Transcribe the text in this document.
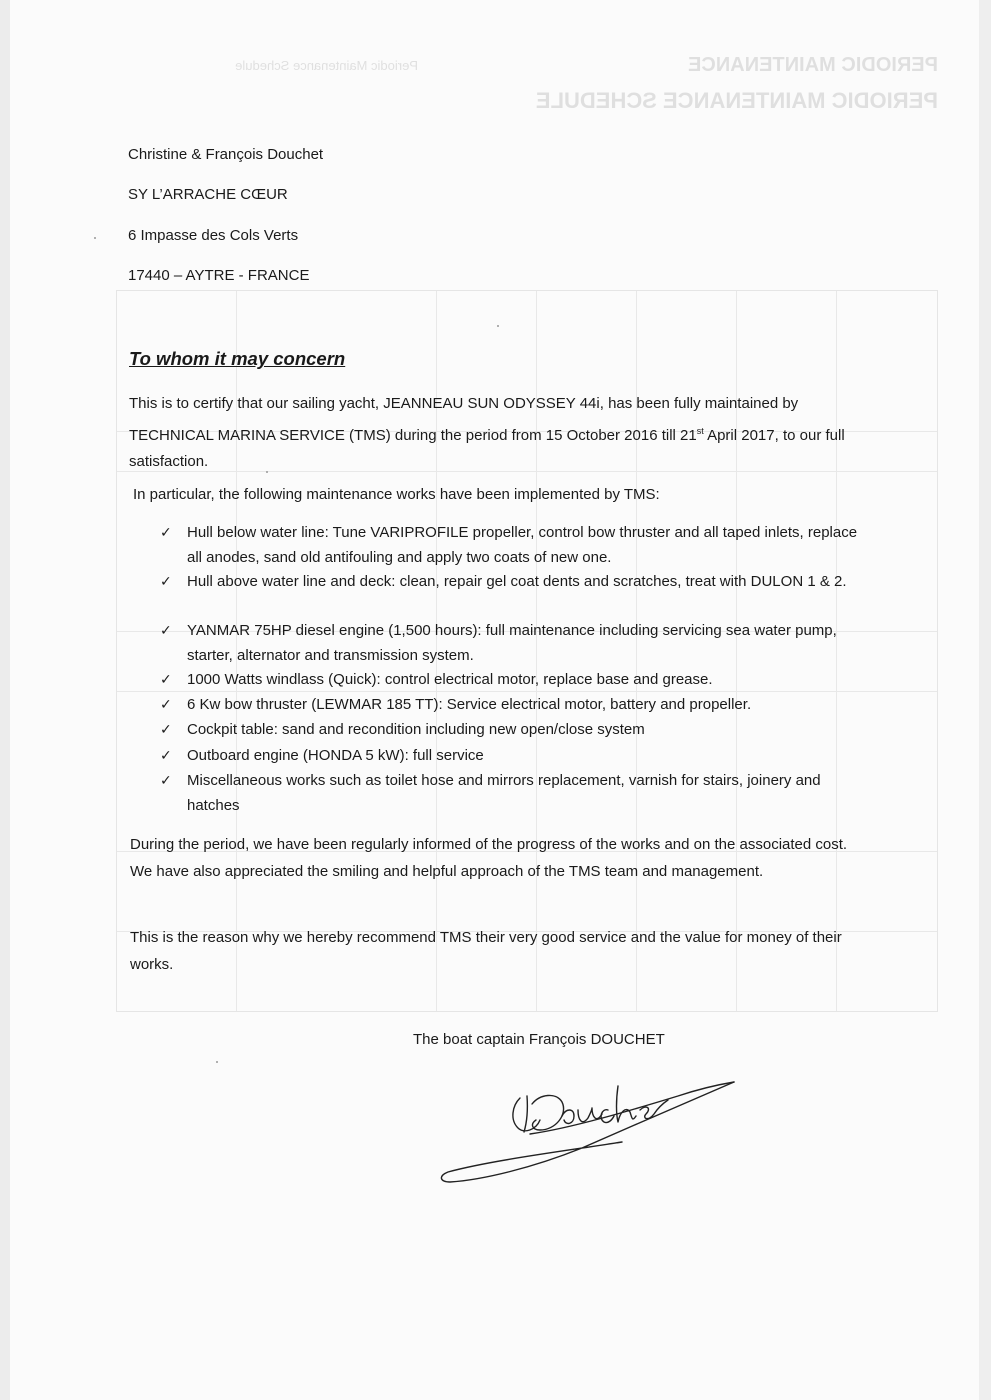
PERIODIC MAINTENANCE
Periodic Maintenance Schedule
PERIODIC MAINTENANCE SCHEDULE
Christine & François Douchet
SY L’ARRACHE CŒUR
6 Impasse des Cols Verts
17440 – AYTRE - FRANCE
To whom it may concern
This is to certify that our sailing yacht, JEANNEAU SUN ODYSSEY 44i, has been fully maintained by TECHNICAL MARINA SERVICE (TMS) during the period from 15 October 2016 till 21st April 2017, to our full satisfaction.
In particular, the following maintenance works have been implemented by TMS:
✓ Hull below water line: Tune VARIPROFILE propeller, control bow thruster and all taped inlets, replace all anodes, sand old antifouling and apply two coats of new one.
✓ Hull above water line and deck: clean, repair gel coat dents and scratches, treat with DULON 1 & 2.
✓ YANMAR 75HP diesel engine (1,500 hours): full maintenance including servicing sea water pump, starter, alternator and transmission system.
✓ 1000 Watts windlass (Quick): control electrical motor, replace base and grease.
✓ 6 Kw bow thruster (LEWMAR 185 TT): Service electrical motor, battery and propeller.
✓ Cockpit table: sand and recondition including new open/close system
✓ Outboard engine (HONDA 5 kW): full service
✓ Miscellaneous works such as toilet hose and mirrors replacement, varnish for stairs, joinery and hatches
During the period, we have been regularly informed of the progress of the works and on the associated cost. We have also appreciated the smiling and helpful approach of the TMS team and management.
This is the reason why we hereby recommend TMS their very good service and the value for money of their works.
The boat captain François DOUCHET
